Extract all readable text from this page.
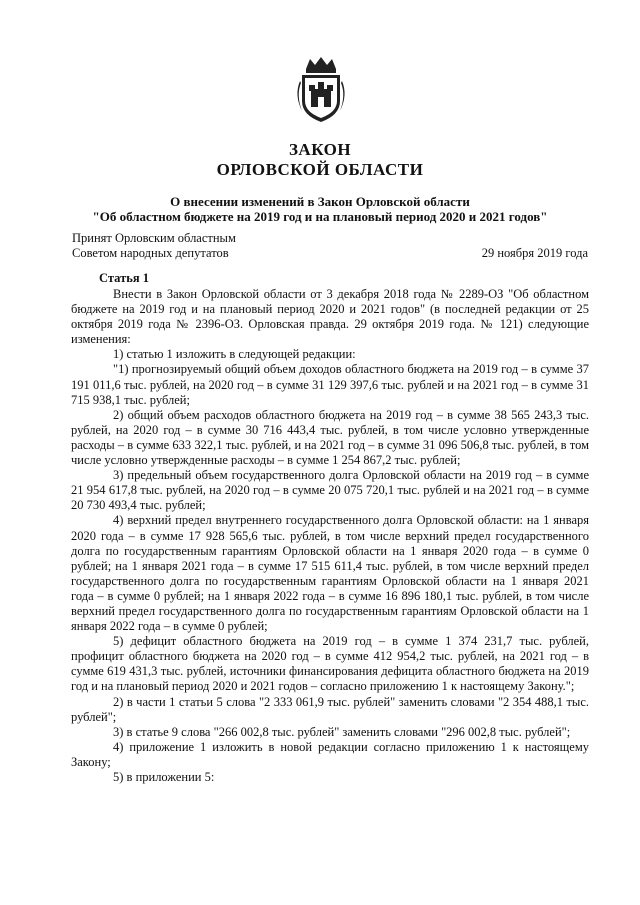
ЗАКОН
ОРЛОВСКОЙ ОБЛАСТИ
О внесении изменений в Закон Орловской области
"Об областном бюджете на 2019 год и на плановый период 2020 и 2021 годов"
Принят Орловским областным
Советом народных депутатов	29 ноября 2019 года
Статья 1

Внести в Закон Орловской области от 3 декабря 2018 года № 2289-ОЗ "Об областном бюджете на 2019 год и на плановый период 2020 и 2021 годов" (в последней редакции от 25 октября 2019 года № 2396-ОЗ. Орловская правда. 29 октября 2019 года. № 121) следующие изменения:

1) статью 1 изложить в следующей редакции:

"1) прогнозируемый общий объем доходов областного бюджета на 2019 год – в сумме 37 191 011,6 тыс. рублей, на 2020 год – в сумме 31 129 397,6 тыс. рублей и на 2021 год – в сумме 31 715 938,1 тыс. рублей;

2) общий объем расходов областного бюджета на 2019 год – в сумме 38 565 243,3 тыс. рублей, на 2020 год – в сумме 30 716 443,4 тыс. рублей, в том числе условно утвержденные расходы – в сумме 633 322,1 тыс. рублей, и на 2021 год – в сумме 31 096 506,8 тыс. рублей, в том числе условно утвержденные расходы – в сумме 1 254 867,2 тыс. рублей;

3) предельный объем государственного долга Орловской области на 2019 год – в сумме 21 954 617,8 тыс. рублей, на 2020 год – в сумме 20 075 720,1 тыс. рублей и на 2021 год – в сумме 20 730 493,4 тыс. рублей;

4) верхний предел внутреннего государственного долга Орловской области: на 1 января 2020 года – в сумме 17 928 565,6 тыс. рублей, в том числе верхний предел государственного долга по государственным гарантиям Орловской области на 1 января 2020 года – в сумме 0 рублей; на 1 января 2021 года – в сумме 17 515 611,4 тыс. рублей, в том числе верхний предел государственного долга по государственным гарантиям Орловской области на 1 января 2021 года – в сумме 0 рублей; на 1 января 2022 года – в сумме 16 896 180,1 тыс. рублей, в том числе верхний предел государственного долга по государственным гарантиям Орловской области на 1 января 2022 года – в сумме 0 рублей;

5) дефицит областного бюджета на 2019 год – в сумме 1 374 231,7 тыс. рублей, профицит областного бюджета на 2020 год – в сумме 412 954,2 тыс. рублей, на 2021 год – в сумме 619 431,3 тыс. рублей, источники финансирования дефицита областного бюджета на 2019 год и на плановый период 2020 и 2021 годов – согласно приложению 1 к настоящему Закону.";

2) в части 1 статьи 5 слова "2 333 061,9 тыс. рублей" заменить словами "2 354 488,1 тыс. рублей";

3) в статье 9 слова "266 002,8 тыс. рублей" заменить словами "296 002,8 тыс. рублей";

4) приложение 1 изложить в новой редакции согласно приложению 1 к настоящему Закону;

5) в приложении 5:
